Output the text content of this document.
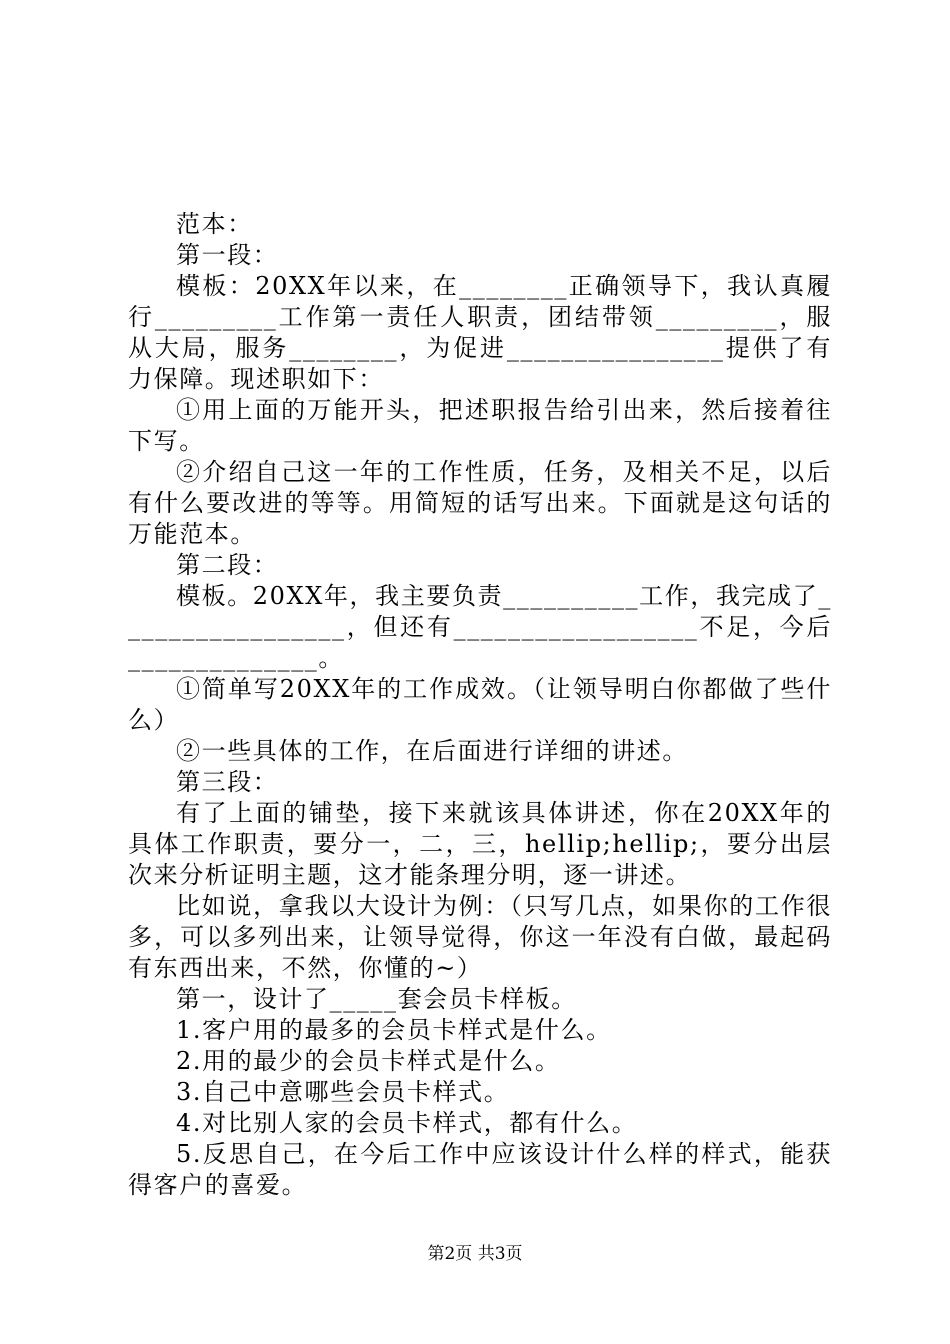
范本：

第一段：

模板：20XX年以来，在________正确领导下，我认真履行_________工作第一责任人职责，团结带领_________，服从大局，服务________，为促进________________提供了有力保障。现述职如下：

①用上面的万能开头，把述职报告给引出来，然后接着往下写。

②介绍自己这一年的工作性质，任务，及相关不足，以后有什么要改进的等等。用简短的话写出来。下面就是这句话的万能范本。

第二段：

模板。20XX年，我主要负责__________工作，我完成了_________________，但还有__________________不足，今后______________。

①简单写20XX年的工作成效。（让领导明白你都做了些什么）

②一些具体的工作，在后面进行详细的讲述。

第三段：

有了上面的铺垫，接下来就该具体讲述，你在20XX年的具体工作职责，要分一，二，三，hellip;hellip;，要分出层次来分析证明主题，这才能条理分明，逐一讲述。

比如说，拿我以大设计为例：（只写几点，如果你的工作很多，可以多列出来，让领导觉得，你这一年没有白做，最起码有东西出来，不然，你懂的~）

第一，设计了_____套会员卡样板。

1.客户用的最多的会员卡样式是什么。

2.用的最少的会员卡样式是什么。

3.自己中意哪些会员卡样式。

4.对比别人家的会员卡样式，都有什么。

5.反思自己，在今后工作中应该设计什么样的样式，能获得客户的喜爱。

第2页 共3页
